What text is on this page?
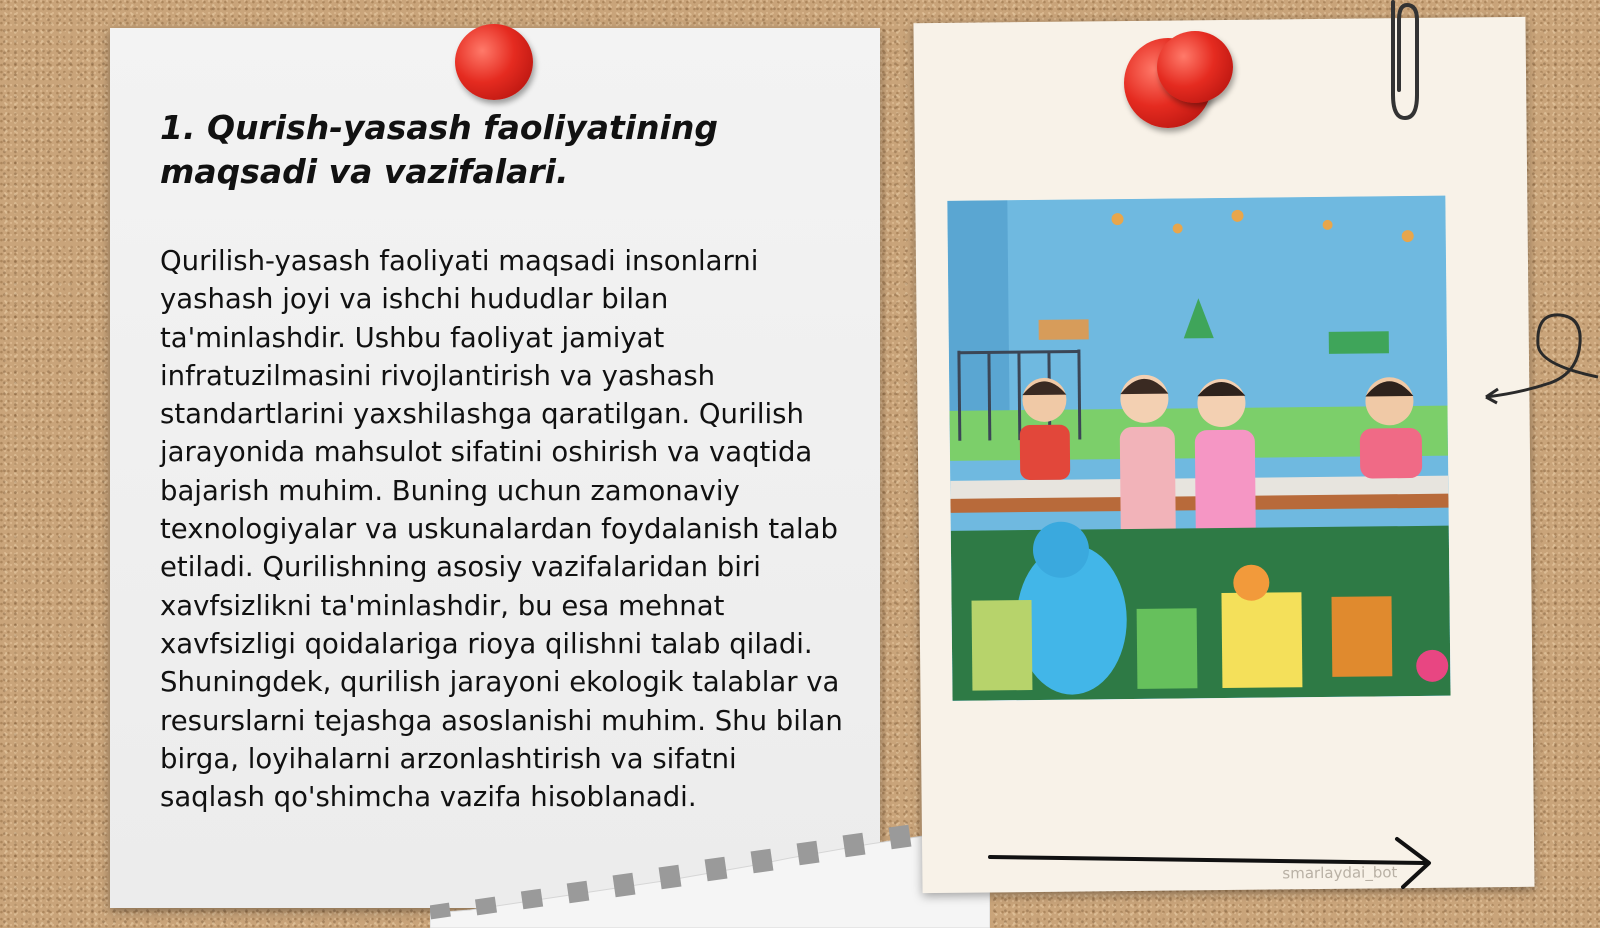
1. Qurish-yasash faoliyatining maqsadi va vazifalari.

Qurilish-yasash faoliyati maqsadi insonlarni yashash joyi va ishchi hududlar bilan ta'minlashdir. Ushbu faoliyat jamiyat infratuzilmasini rivojlantirish va yashash standartlarini yaxshilashga qaratilgan. Qurilish jarayonida mahsulot sifatini oshirish va vaqtida bajarish muhim. Buning uchun zamonaviy texnologiyalar va uskunalardan foydalanish talab etiladi. Qurilishning asosiy vazifalaridan biri xavfsizlikni ta'minlashdir, bu esa mehnat xavfsizligi qoidalariga rioya qilishni talab qiladi. Shuningdek, qurilish jarayoni ekologik talablar va resurslarni tejashga asoslanishi muhim. Shu bilan birga, loyihalarni arzonlashtirish va sifatni saqlash qo'shimcha vazifa hisoblanadi.

smarlaydai_bot
